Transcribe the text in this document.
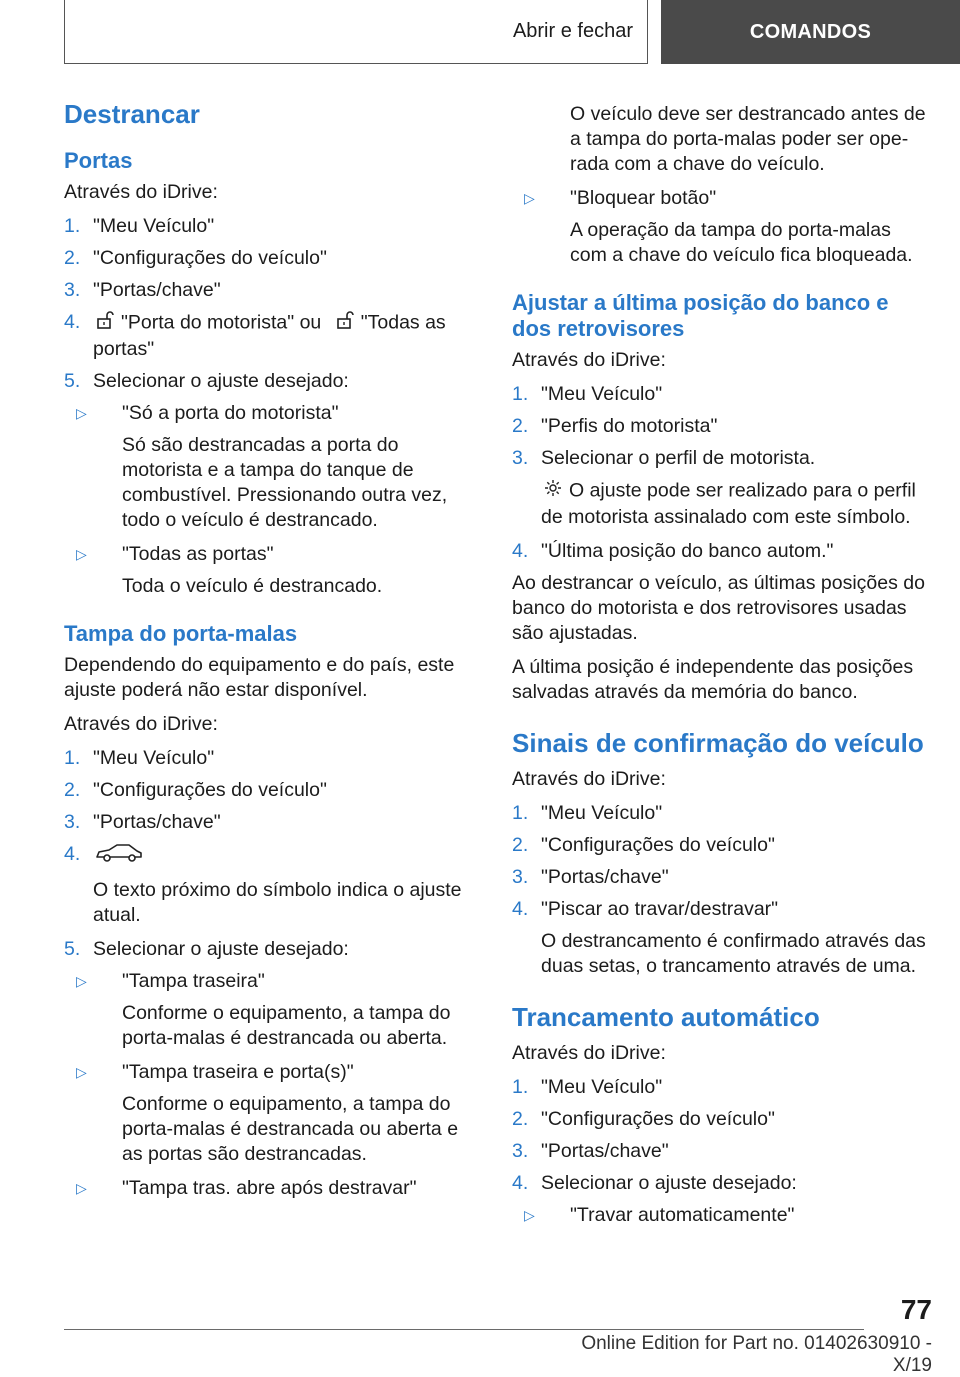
Abrir e fechar	COMANDOS
Destrancar
Portas

Através do iDrive:

1. "Meu Veículo"
2. "Configurações do veículo"
3. "Portas/chave"
4. "Porta do motorista" ou "Todas as portas"
5. Selecionar o ajuste desejado:
▷ "Só a porta do motorista"

Só são destrancadas a porta do motorista e a tampa do tanque de combustível. Pressionando outra vez, todo o veículo é destrancado.

▷ "Todas as portas"

Toda o veículo é destrancado.

Tampa do porta-malas

Dependendo do equipamento e do país, este ajuste poderá não estar disponível.

Através do iDrive:

1. "Meu Veículo"
2. "Configurações do veículo"
3. "Portas/chave"
4.

O texto próximo do símbolo indica o ajuste atual.

5. Selecionar o ajuste desejado:
▷ "Tampa traseira"

Conforme o equipamento, a tampa do porta-malas é destrancada ou aberta.

▷ "Tampa traseira e porta(s)"

Conforme o equipamento, a tampa do porta-malas é destrancada ou aberta e as portas são destrancadas.

▷ "Tampa tras. abre após destravar"

O veículo deve ser destrancado antes de a tampa do porta-malas poder ser ope-rada com a chave do veículo.

▷ "Bloquear botão"

A operação da tampa do porta-malas com a chave do veículo fica bloqueada.

Ajustar a última posição do banco e dos retrovisores

Através do iDrive:

1. "Meu Veículo"
2. "Perfis do motorista"
3. Selecionar o perfil de motorista.

O ajuste pode ser realizado para o perfil de motorista assinalado com este símbolo.

4. "Última posição do banco autom."

Ao destrancar o veículo, as últimas posições do banco do motorista e dos retrovisores usadas são ajustadas.

A última posição é independente das posições salvadas através da memória do banco.

Sinais de confirmação do veículo

Através do iDrive:

1. "Meu Veículo"
2. "Configurações do veículo"
3. "Portas/chave"
4. "Piscar ao travar/destravar"

O destrancamento é confirmado através das duas setas, o trancamento através de uma.

Trancamento automático

Através do iDrive:

1. "Meu Veículo"
2. "Configurações do veículo"
3. "Portas/chave"
4. Selecionar o ajuste desejado:
▷ "Travar automaticamente"
77
Online Edition for Part no. 01402630910 - X/19
